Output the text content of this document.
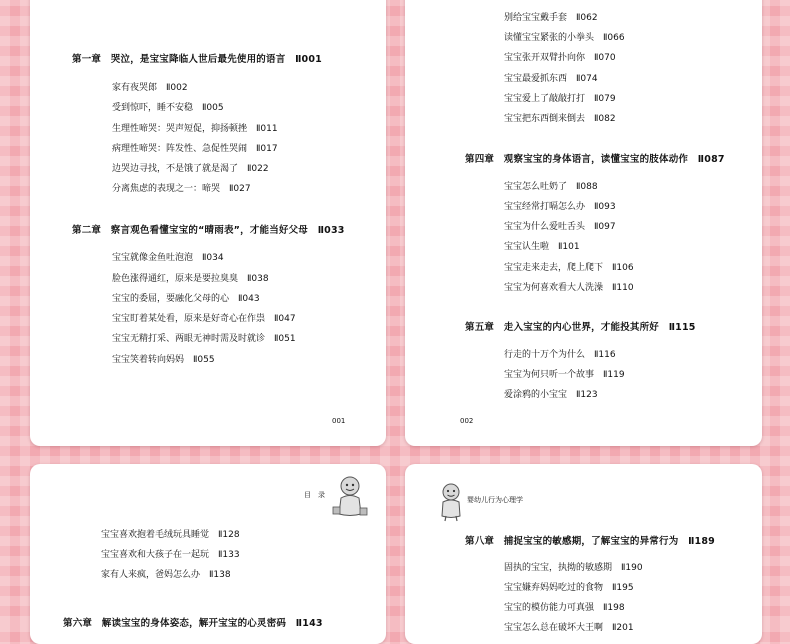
第一章　哭泣，是宝宝降临人世后最先使用的语言　Ⅱ001
家有夜哭郎　Ⅱ002
受到惊吓，睡不安稳　Ⅱ005
生理性啼哭：哭声短促，抑扬顿挫　Ⅱ011
病理性啼哭：阵发性、急促性哭闹　Ⅱ017
边哭边寻找，不是饿了就是渴了　Ⅱ022
分离焦虑的表现之一：啼哭　Ⅱ027
第二章　察言观色看懂宝宝的“晴雨表”，才能当好父母　Ⅱ033
宝宝就像金鱼吐泡泡　Ⅱ034
脸色涨得通红，原来是要拉臭臭　Ⅱ038
宝宝的委屈，要融化父母的心　Ⅱ043
宝宝盯着某处看，原来是好奇心在作祟　Ⅱ047
宝宝无精打采、两眼无神时需及时就诊　Ⅱ051
宝宝笑着转向妈妈　Ⅱ055
001
别给宝宝戴手套　Ⅱ062
读懂宝宝紧张的小拳头　Ⅱ066
宝宝张开双臂扑向你　Ⅱ070
宝宝最爱抓东西　Ⅱ074
宝宝爱上了敲敲打打　Ⅱ079
宝宝把东西倒来倒去　Ⅱ082
第四章　观察宝宝的身体语言，读懂宝宝的肢体动作　Ⅱ087
宝宝怎么吐奶了　Ⅱ088
宝宝经常打嗝怎么办　Ⅱ093
宝宝为什么爱吐舌头　Ⅱ097
宝宝认生啦　Ⅱ101
宝宝走来走去，爬上爬下　Ⅱ106
宝宝为何喜欢看大人洗澡　Ⅱ110
第五章　走入宝宝的内心世界，才能投其所好　Ⅱ115
行走的十万个为什么　Ⅱ116
宝宝为何只听一个故事　Ⅱ119
爱涂鸦的小宝宝　Ⅱ123
002
目　录
宝宝喜欢抱着毛绒玩具睡觉　Ⅱ128
宝宝喜欢和大孩子在一起玩　Ⅱ133
家有人来疯，爸妈怎么办　Ⅱ138
第六章　解读宝宝的身体姿态，解开宝宝的心灵密码　Ⅱ143
婴幼儿行为心理学
第八章　捕捉宝宝的敏感期，了解宝宝的异常行为　Ⅱ189
固执的宝宝，执拗的敏感期　Ⅱ190
宝宝嫌弃妈妈吃过的食物　Ⅱ195
宝宝的模仿能力可真强　Ⅱ198
宝宝怎么总在破坏大王啊　Ⅱ201
